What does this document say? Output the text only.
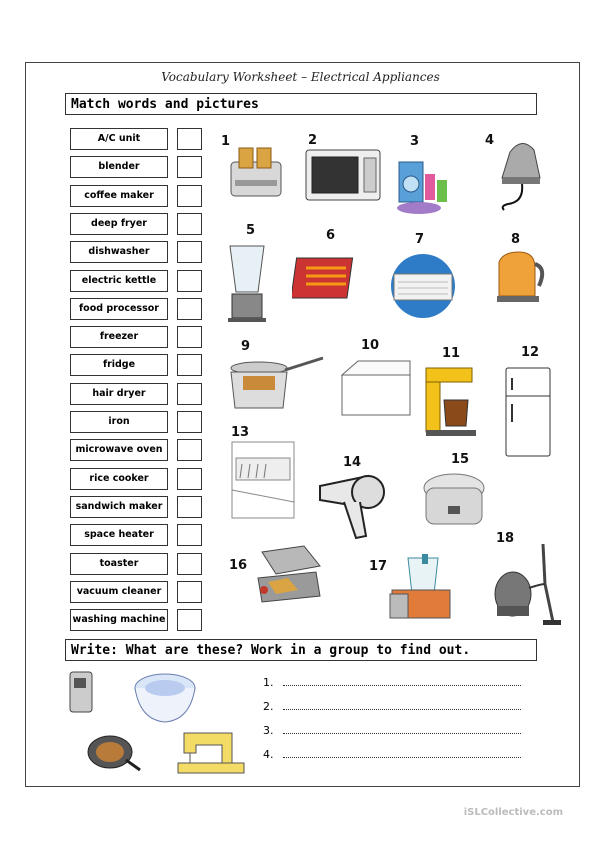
Vocabulary Worksheet – Electrical Appliances
Match words and pictures
A/C unit
blender
coffee maker
deep fryer
dishwasher
electric kettle
food processor
freezer
fridge
hair dryer
iron
microwave oven
rice cooker
sandwich maker
space heater
toaster
vacuum cleaner
washing machine
1	2	3	4
5	6	7	8
9	10
11	12
13
14	15
16	17
18
Write: What are these? Work in a group to find out.
1.
2.
3.
4.
iSLCollective.com
